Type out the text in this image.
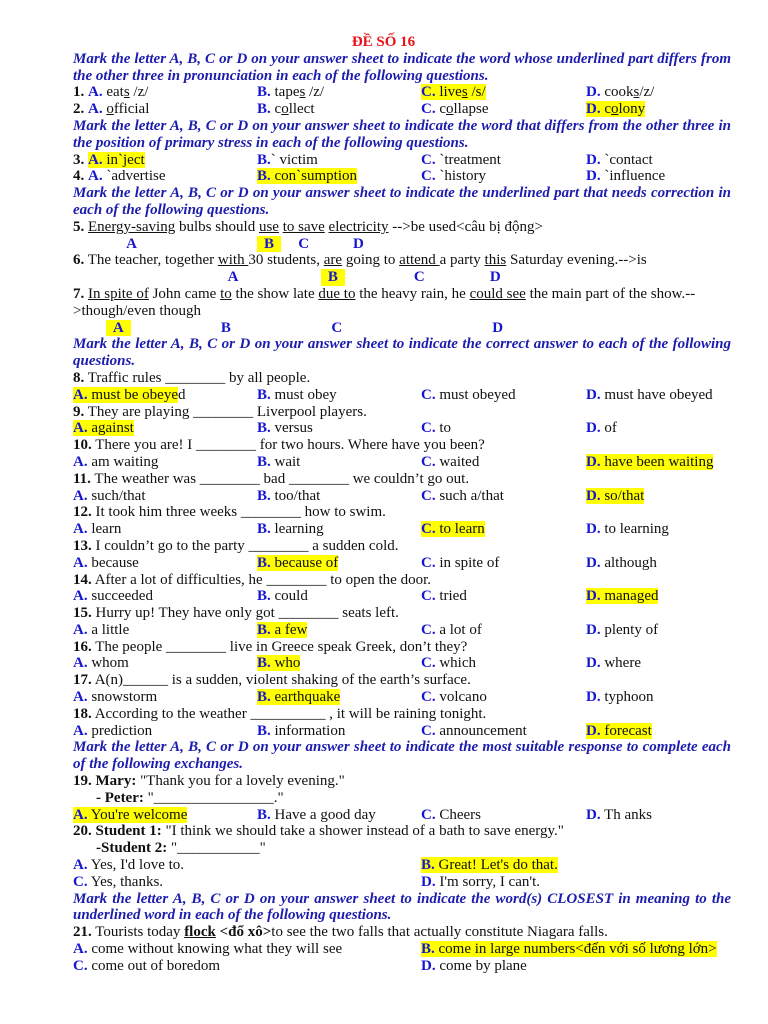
ĐỀ SỐ 16

Mark the letter A, B, C or D on your answer sheet to indicate the word whose underlined part differs from the other three in pronunciation in each of the following questions.

1. A. eats /z/	B. tapes /z/	C. lives /s/	D. cooks/z/
2. A. official	B. collect	C. collapse	D. colony

Mark the letter A, B, C or D on your answer sheet to indicate the word that differs from the other three in the position of primary stress in each of the following questions.

3. A. in`ject	B.` victim	C. `treatment	D. `contact
4. A. `advertise	B. con`sumption	C. `history	D. `influence

Mark the letter A, B, C or D on your answer sheet to indicate the underlined part that needs correction in each of the following questions.

5. Energy-saving bulbs should use to save electricity -->be used<câu bị động>
A	B	C	D
6. The teacher, together with 30 students, are going to attend a party this Saturday evening.-->is
A	B	C	D
7. In spite of John came to the show late due to the heavy rain, he could see the main part of the show.-->though/even though
A	B	C	D

Mark the letter A, B, C or D on your answer sheet to indicate the correct answer to each of the following questions.

8. Traffic rules ________ by all people.
A. must be obeyed	B. must obey	C. must obeyed	D. must have obeyed
9. They are playing ________ Liverpool players.
A. against	B. versus	C. to	D. of
10. There you are! I ________ for two hours. Where have you been?
A. am waiting	B. wait	C. waited	D. have been waiting
11. The weather was ________ bad ________ we couldn’t go out.
A. such/that	B. too/that	C. such a/that	D. so/that
12. It took him three weeks ________ how to swim.
A. learn	B. learning	C. to learn	D. to learning
13. I couldn’t go to the party ________ a sudden cold.
A. because	B. because of	C. in spite of	D. although
14. After a lot of difficulties, he ________ to open the door.
A. succeeded	B. could	C. tried	D. managed
15. Hurry up! They have only got ________ seats left.
A. a little	B. a few	C. a lot of	D. plenty of
16. The people ________ live in Greece speak Greek, don’t they?
A. whom	B. who	C. which	D. where
17. A(n)______ is a sudden, violent shaking of the earth’s surface.
A. snowstorm	B. earthquake	C. volcano	D. typhoon
18. According to the weather __________ , it will be raining tonight.
A. prediction	B. information	C. announcement	D. forecast

Mark the letter A, B, C or D on your answer sheet to indicate the most suitable response to complete each of the following exchanges.

19. Mary: "Thank you for a lovely evening."
- Peter: "________________."
A. You're welcome	B. Have a good day	C. Cheers	D. Th anks
20. Student 1: "I think we should take a shower instead of a bath to save energy."
-Student 2: "___________"
A. Yes, I'd love to.	B. Great! Let's do that.
C. Yes, thanks.	D. I'm sorry, I can't.

Mark the letter A, B, C or D on your answer sheet to indicate the word(s) CLOSEST in meaning to the underlined word in each of the following questions.

21. Tourists today flock <đổ xô>to see the two falls that actually constitute Niagara falls.
A. come without knowing what they will see	B. come in large numbers<đến với số lương lớn>
C. come out of boredom	D. come by plane
